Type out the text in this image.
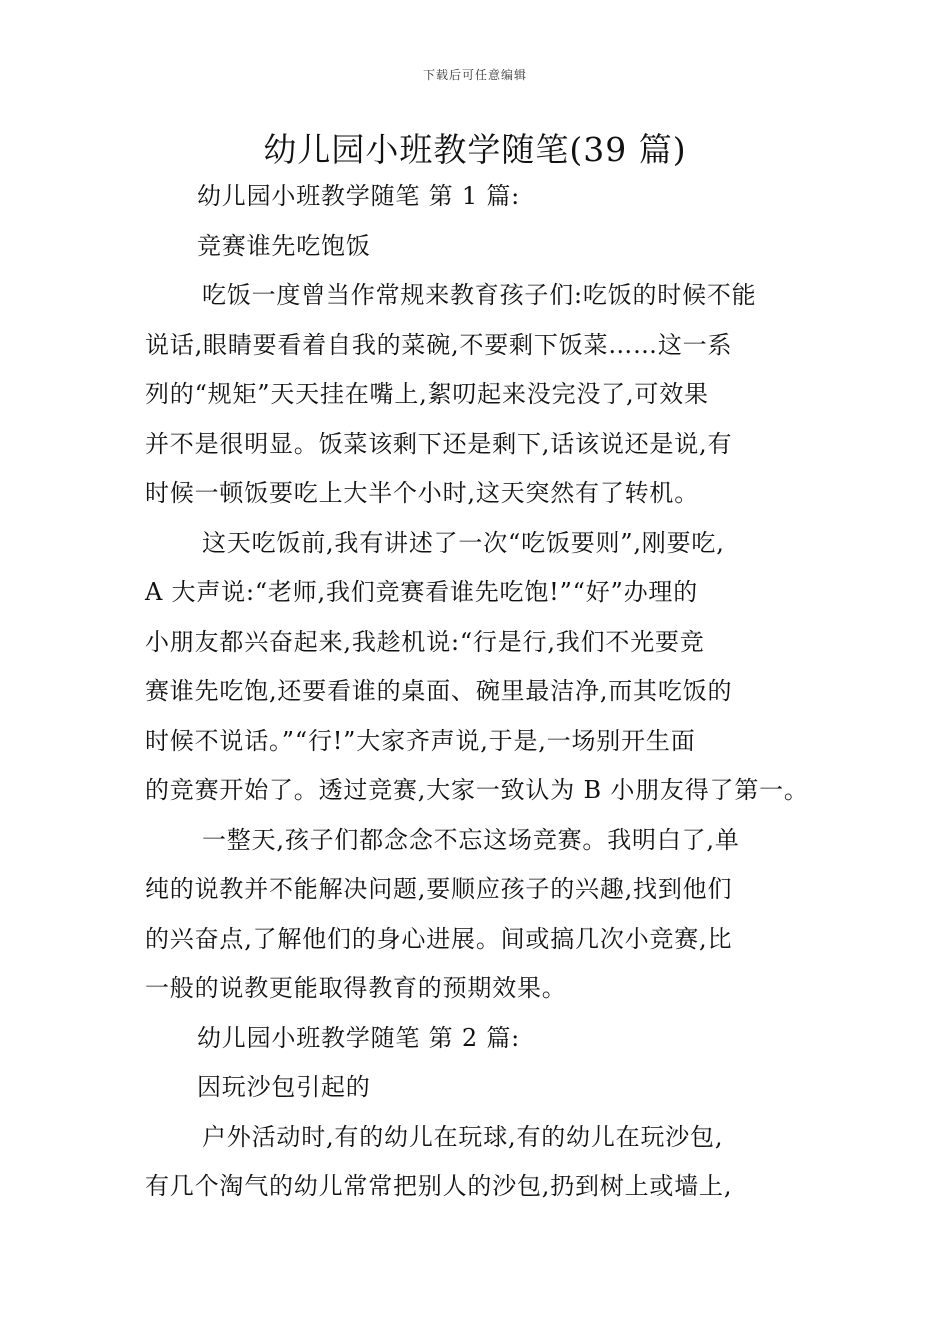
下载后可任意编辑
幼儿园小班教学随笔(39 篇)

幼儿园小班教学随笔 第 1 篇:

竞赛谁先吃饱饭

吃饭一度曾当作常规来教育孩子们:吃饭的时候不能

说话,眼睛要看着自我的菜碗,不要剩下饭菜……这一系

列的“规矩”天天挂在嘴上,絮叨起来没完没了,可效果

并不是很明显。饭菜该剩下还是剩下,话该说还是说,有

时候一顿饭要吃上大半个小时,这天突然有了转机。

这天吃饭前,我有讲述了一次“吃饭要则”,刚要吃,

A 大声说:“老师,我们竞赛看谁先吃饱!”“好”办理的

小朋友都兴奋起来,我趁机说:“行是行,我们不光要竞

赛谁先吃饱,还要看谁的桌面、碗里最洁净,而其吃饭的

时候不说话。”“行!”大家齐声说,于是,一场别开生面

的竞赛开始了。透过竞赛,大家一致认为 B 小朋友得了第一。

一整天,孩子们都念念不忘这场竞赛。我明白了,单

纯的说教并不能解决问题,要顺应孩子的兴趣,找到他们

的兴奋点,了解他们的身心进展。间或搞几次小竞赛,比

一般的说教更能取得教育的预期效果。

幼儿园小班教学随笔 第 2 篇:

因玩沙包引起的

户外活动时,有的幼儿在玩球,有的幼儿在玩沙包,

有几个淘气的幼儿常常把别人的沙包,扔到树上或墙上,
